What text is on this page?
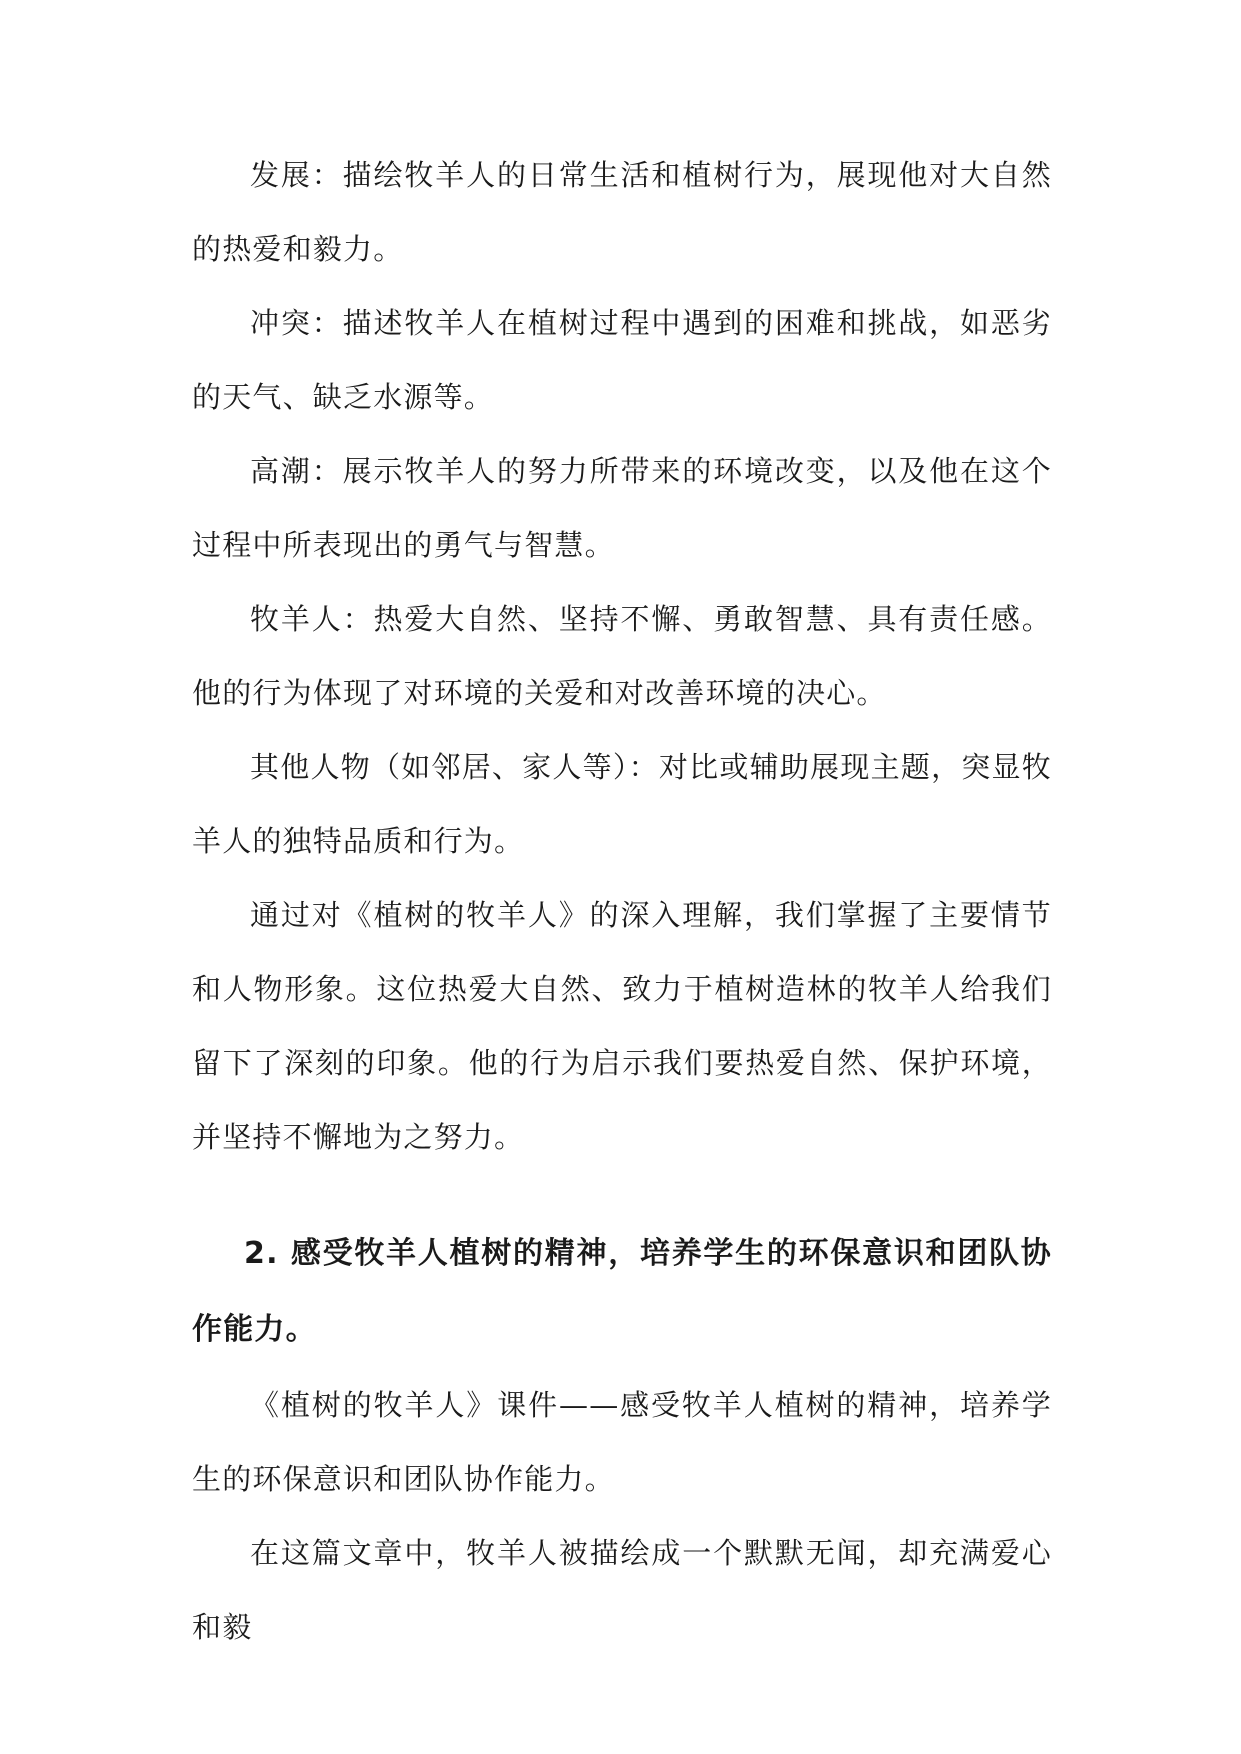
发展：描绘牧羊人的日常生活和植树行为，展现他对大自然的热爱和毅力。

冲突：描述牧羊人在植树过程中遇到的困难和挑战，如恶劣的天气、缺乏水源等。

高潮：展示牧羊人的努力所带来的环境改变，以及他在这个过程中所表现出的勇气与智慧。

牧羊人：热爱大自然、坚持不懈、勇敢智慧、具有责任感。他的行为体现了对环境的关爱和对改善环境的决心。

其他人物（如邻居、家人等）：对比或辅助展现主题，突显牧羊人的独特品质和行为。

通过对《植树的牧羊人》的深入理解，我们掌握了主要情节和人物形象。这位热爱大自然、致力于植树造林的牧羊人给我们留下了深刻的印象。他的行为启示我们要热爱自然、保护环境，并坚持不懈地为之努力。

2. 感受牧羊人植树的精神，培养学生的环保意识和团队协作能力。

《植树的牧羊人》课件——感受牧羊人植树的精神，培养学生的环保意识和团队协作能力。

在这篇文章中，牧羊人被描绘成一个默默无闻，却充满爱心和毅
